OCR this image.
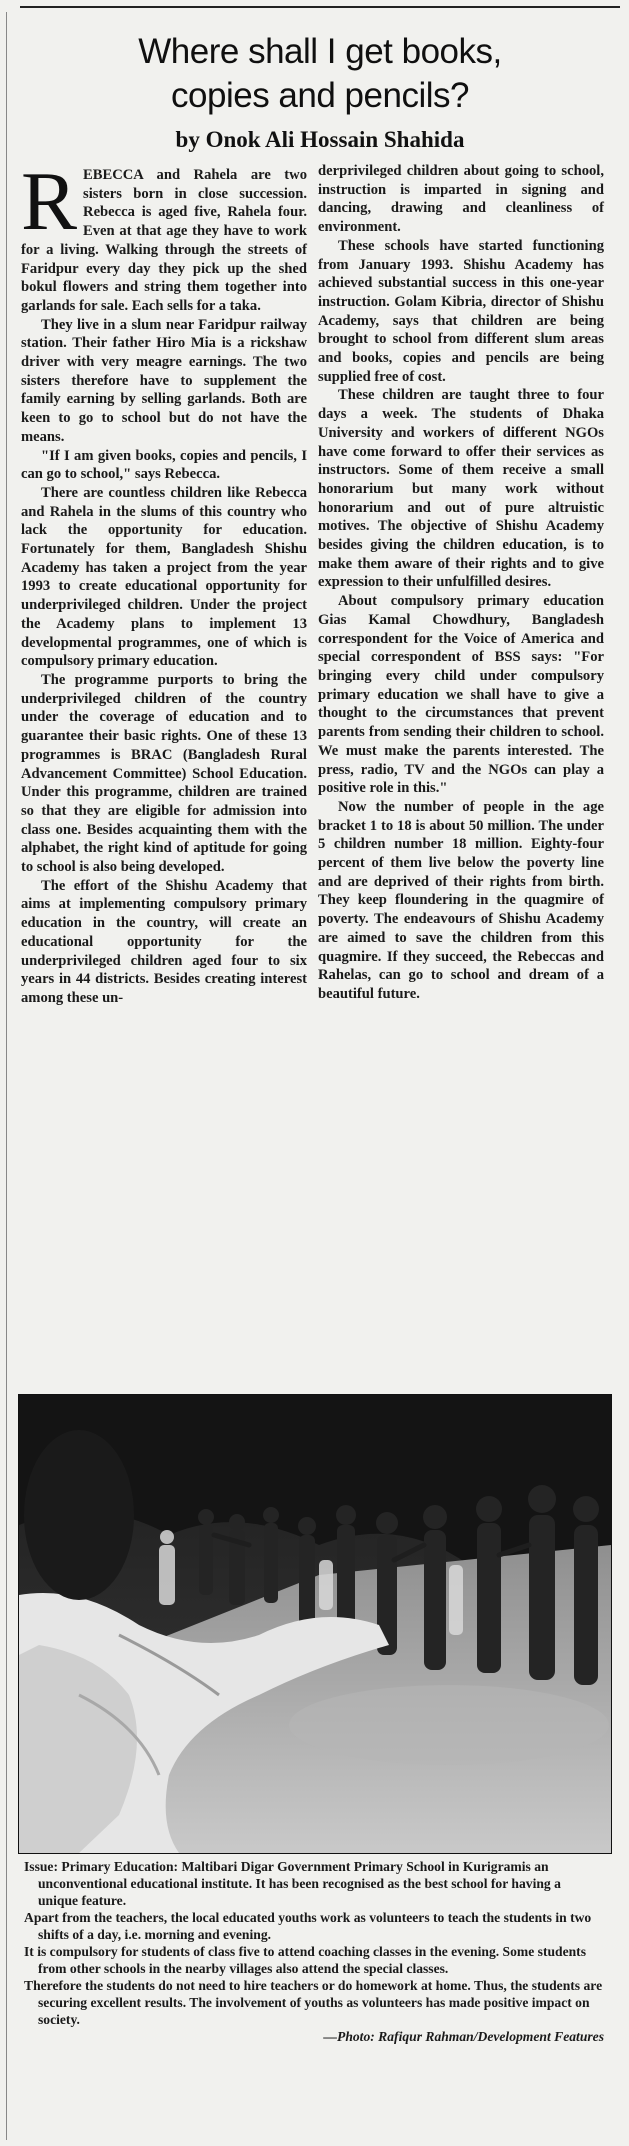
Where shall I get books,
copies and pencils?
by Onok Ali Hossain Shahida

REBECCA and Rahela are two sisters born in close succession. Rebecca is aged five, Rahela four. Even at that age they have to work for a living. Walking through the streets of Faridpur every day they pick up the shed bokul flowers and string them together into garlands for sale. Each sells for a taka.

They live in a slum near Faridpur railway station. Their father Hiro Mia is a rickshaw driver with very meagre earnings. The two sisters therefore have to supplement the family earning by selling garlands. Both are keen to go to school but do not have the means.

"If I am given books, copies and pencils, I can go to school," says Rebecca.

There are countless children like Rebecca and Rahela in the slums of this country who lack the opportunity for education. Fortunately for them, Bangladesh Shishu Academy has taken a project from the year 1993 to create educational opportunity for underprivileged children. Under the project the Academy plans to implement 13 developmental programmes, one of which is compulsory primary education.

The programme purports to bring the underprivileged children of the country under the coverage of education and to guarantee their basic rights. One of these 13 programmes is BRAC (Bangladesh Rural Advancement Committee) School Education. Under this programme, children are trained so that they are eligible for admission into class one. Besides acquainting them with the alphabet, the right kind of aptitude for going to school is also being developed.

The effort of the Shishu Academy that aims at implementing compulsory primary education in the country, will create an educational opportunity for the underprivileged children aged four to six years in 44 districts. Besides creating interest among these un-

derprivileged children about going to school, instruction is imparted in signing and dancing, drawing and cleanliness of environment.

These schools have started functioning from January 1993. Shishu Academy has achieved substantial success in this one-year instruction. Golam Kibria, director of Shishu Academy, says that children are being brought to school from different slum areas and books, copies and pencils are being supplied free of cost.

These children are taught three to four days a week. The students of Dhaka University and workers of different NGOs have come forward to offer their services as instructors. Some of them receive a small honorarium but many work without honorarium and out of pure altruistic motives. The objective of Shishu Academy besides giving the children education, is to make them aware of their rights and to give expression to their unfulfilled desires.

About compulsory primary education Gias Kamal Chowdhury, Bangladesh correspondent for the Voice of America and special correspondent of BSS says: "For bringing every child under compulsory primary education we shall have to give a thought to the circumstances that prevent parents from sending their children to school. We must make the parents interested. The press, radio, TV and the NGOs can play a positive role in this."

Now the number of people in the age bracket 1 to 18 is about 50 million. The under 5 children number 18 million. Eighty-four percent of them live below the poverty line and are deprived of their rights from birth. They keep floundering in the quagmire of poverty. The endeavours of Shishu Academy are aimed to save the children from this quagmire. If they succeed, the Rebeccas and Rahelas, can go to school and dream of a beautiful future.

Issue: Primary Education: Maltibari Digar Government Primary School in Kurigramis an unconventional educational institute. It has been recognised as the best school for having a unique feature.

Apart from the teachers, the local educated youths work as volunteers to teach the students in two shifts of a day, i.e. morning and evening.

It is compulsory for students of class five to attend coaching classes in the evening. Some students from other schools in the nearby villages also attend the special classes.

Therefore the students do not need to hire teachers or do homework at home. Thus, the students are securing excellent results. The involvement of youths as volunteers has made positive impact on society.

—Photo: Rafiqur Rahman/Development Features
